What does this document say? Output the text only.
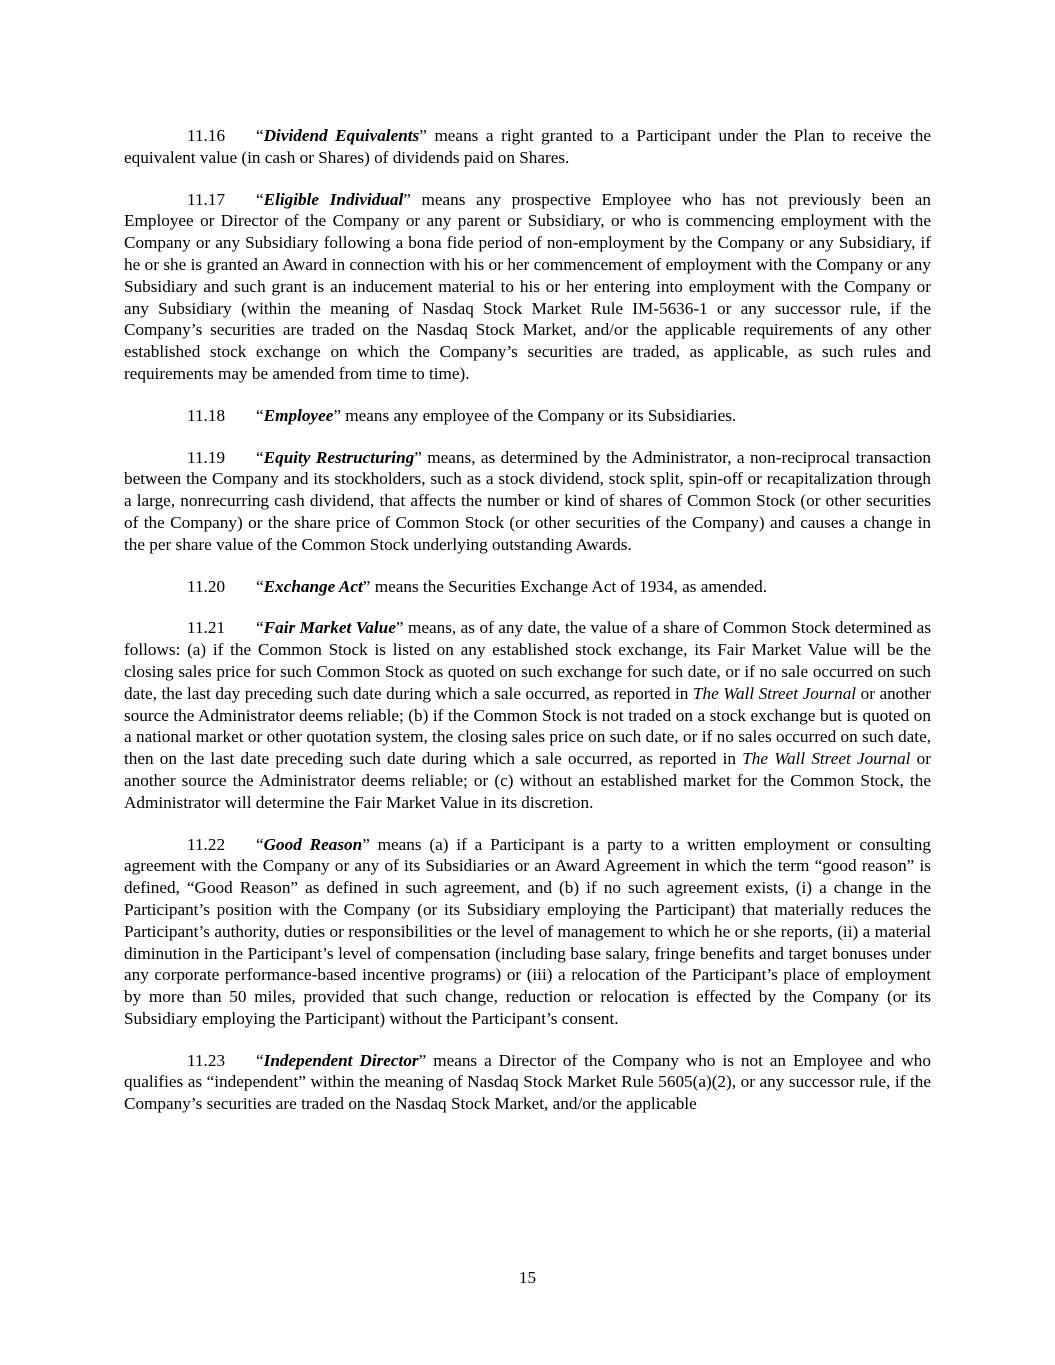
11.16 “Dividend Equivalents” means a right granted to a Participant under the Plan to receive the equivalent value (in cash or Shares) of dividends paid on Shares.

11.17 “Eligible Individual” means any prospective Employee who has not previously been an Employee or Director of the Company or any parent or Subsidiary, or who is commencing employment with the Company or any Subsidiary following a bona fide period of non-employment by the Company or any Subsidiary, if he or she is granted an Award in connection with his or her commencement of employment with the Company or any Subsidiary and such grant is an inducement material to his or her entering into employment with the Company or any Subsidiary (within the meaning of Nasdaq Stock Market Rule IM-5636-1 or any successor rule, if the Company’s securities are traded on the Nasdaq Stock Market, and/or the applicable requirements of any other established stock exchange on which the Company’s securities are traded, as applicable, as such rules and requirements may be amended from time to time).

11.18 “Employee” means any employee of the Company or its Subsidiaries.

11.19 “Equity Restructuring” means, as determined by the Administrator, a non-reciprocal transaction between the Company and its stockholders, such as a stock dividend, stock split, spin-off or recapitalization through a large, nonrecurring cash dividend, that affects the number or kind of shares of Common Stock (or other securities of the Company) or the share price of Common Stock (or other securities of the Company) and causes a change in the per share value of the Common Stock underlying outstanding Awards.

11.20 “Exchange Act” means the Securities Exchange Act of 1934, as amended.

11.21 “Fair Market Value” means, as of any date, the value of a share of Common Stock determined as follows: (a) if the Common Stock is listed on any established stock exchange, its Fair Market Value will be the closing sales price for such Common Stock as quoted on such exchange for such date, or if no sale occurred on such date, the last day preceding such date during which a sale occurred, as reported in The Wall Street Journal or another source the Administrator deems reliable; (b) if the Common Stock is not traded on a stock exchange but is quoted on a national market or other quotation system, the closing sales price on such date, or if no sales occurred on such date, then on the last date preceding such date during which a sale occurred, as reported in The Wall Street Journal or another source the Administrator deems reliable; or (c) without an established market for the Common Stock, the Administrator will determine the Fair Market Value in its discretion.

11.22 “Good Reason” means (a) if a Participant is a party to a written employment or consulting agreement with the Company or any of its Subsidiaries or an Award Agreement in which the term “good reason” is defined, “Good Reason” as defined in such agreement, and (b) if no such agreement exists, (i) a change in the Participant’s position with the Company (or its Subsidiary employing the Participant) that materially reduces the Participant’s authority, duties or responsibilities or the level of management to which he or she reports, (ii) a material diminution in the Participant’s level of compensation (including base salary, fringe benefits and target bonuses under any corporate performance-based incentive programs) or (iii) a relocation of the Participant’s place of employment by more than 50 miles, provided that such change, reduction or relocation is effected by the Company (or its Subsidiary employing the Participant) without the Participant’s consent.

11.23 “Independent Director” means a Director of the Company who is not an Employee and who qualifies as “independent” within the meaning of Nasdaq Stock Market Rule 5605(a)(2), or any successor rule, if the Company’s securities are traded on the Nasdaq Stock Market, and/or the applicable

15
